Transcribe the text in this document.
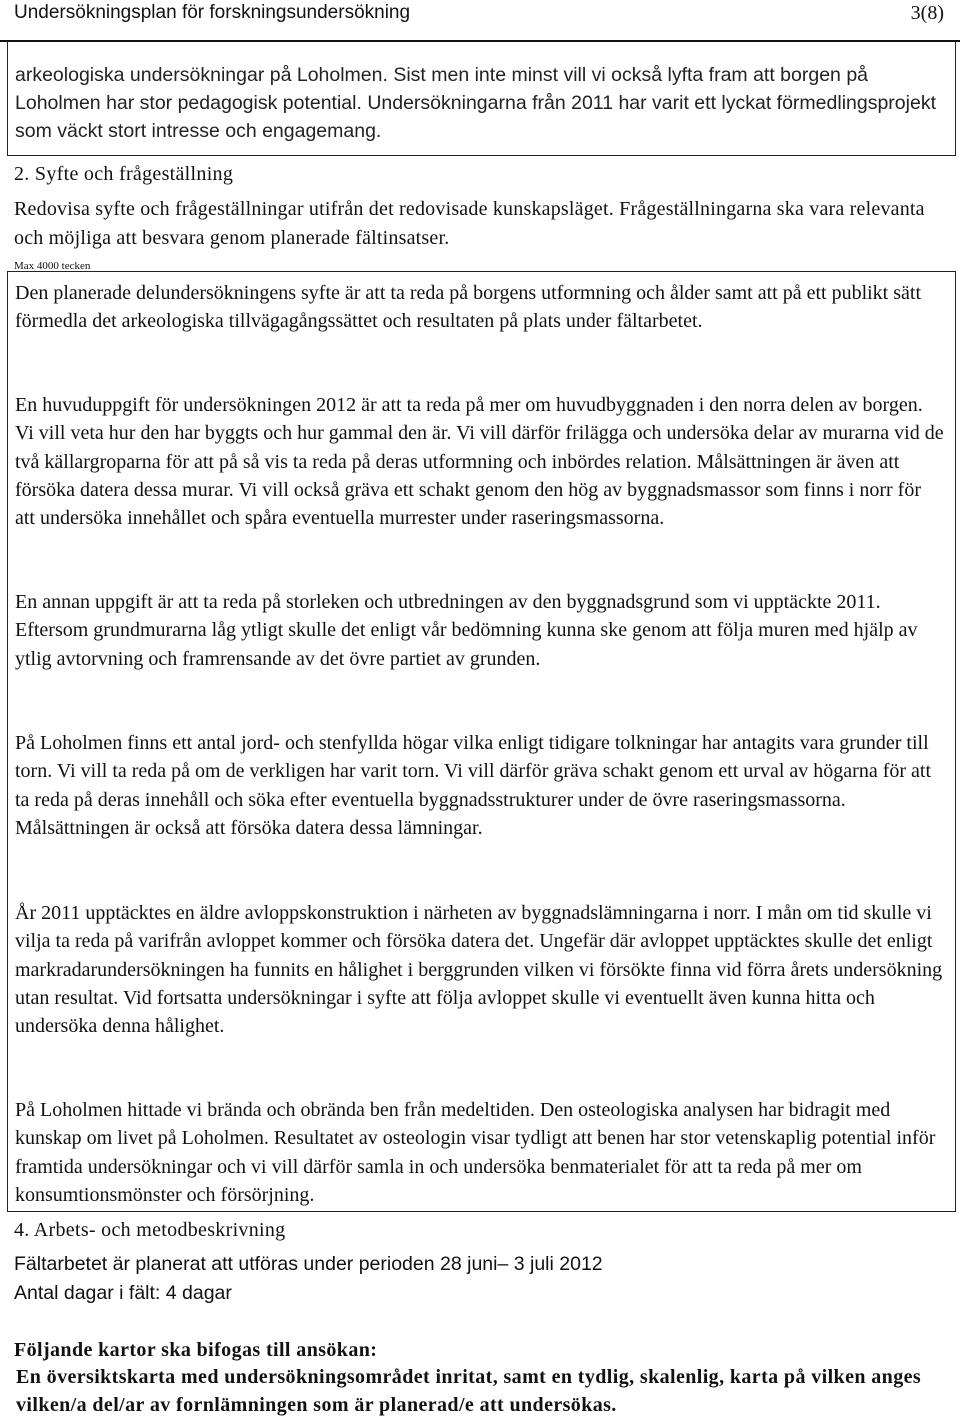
Undersökningsplan för forskningsundersökning	3(8)

arkeologiska undersökningar på Loholmen. Sist men inte minst vill vi också lyfta fram att borgen på Loholmen har stor pedagogisk potential. Undersökningarna från 2011 har varit ett lyckat förmedlingsprojekt som väckt stort intresse och engagemang.

2. Syfte och frågeställning
Redovisa syfte och frågeställningar utifrån det redovisade kunskapsläget. Frågeställningarna ska vara relevanta och möjliga att besvara genom planerade fältinsatser.
Max 4000 tecken

Den planerade delundersökningens syfte är att ta reda på borgens utformning och ålder samt att på ett publikt sätt förmedla det arkeologiska tillvägagångssättet och resultaten på plats under fältarbetet.

En huvuduppgift för undersökningen 2012 är att ta reda på mer om huvudbyggnaden i den norra delen av borgen. Vi vill veta hur den har byggts och hur gammal den är. Vi vill därför frilägga och undersöka delar av murarna vid de två källargroparna för att på så vis ta reda på deras utformning och inbördes relation. Målsättningen är även att försöka datera dessa murar. Vi vill också gräva ett schakt genom den hög av byggnadsmassor som finns i norr för att undersöka innehållet och spåra eventuella murrester under raseringsmassorna.

En annan uppgift är att ta reda på storleken och utbredningen av den byggnadsgrund som vi upptäckte 2011. Eftersom grundmurarna låg ytligt skulle det enligt vår bedömning kunna ske genom att följa muren med hjälp av ytlig avtorvning och framrensande av det övre partiet av grunden.

På Loholmen finns ett antal jord- och stenfyllda högar vilka enligt tidigare tolkningar har antagits vara grunder till torn. Vi vill ta reda på om de verkligen har varit torn. Vi vill därför gräva schakt genom ett urval av högarna för att ta reda på deras innehåll och söka efter eventuella byggnadsstrukturer under de övre raseringsmassorna. Målsättningen är också att försöka datera dessa lämningar.

År 2011 upptäcktes en äldre avloppskonstruktion i närheten av byggnadslämningarna i norr. I mån om tid skulle vi vilja ta reda på varifrån avloppet kommer och försöka datera det. Ungefär där avloppet upptäcktes skulle det enligt markradarundersökningen ha funnits en hålighet i berggrunden vilken vi försökte finna vid förra årets undersökning utan resultat. Vid fortsatta undersökningar i syfte att följa avloppet skulle vi eventuellt även kunna hitta och undersöka denna hålighet.

På Loholmen hittade vi brända och obrända ben från medeltiden. Den osteologiska analysen har bidragit med kunskap om livet på Loholmen. Resultatet av osteologin visar tydligt att benen har stor vetenskaplig potential inför framtida undersökningar och vi vill därför samla in och undersöka benmaterialet för att ta reda på mer om konsumtionsmönster och försörjning.

4. Arbets- och metodbeskrivning
Fältarbetet är planerat att utföras under perioden 28 juni– 3 juli 2012
Antal dagar i fält: 4 dagar
Följande kartor ska bifogas till ansökan:
En översiktskarta med undersökningsområdet inritat, samt en tydlig, skalenlig, karta på vilken anges vilken/a del/ar av fornlämningen som är planerad/e att undersökas.
